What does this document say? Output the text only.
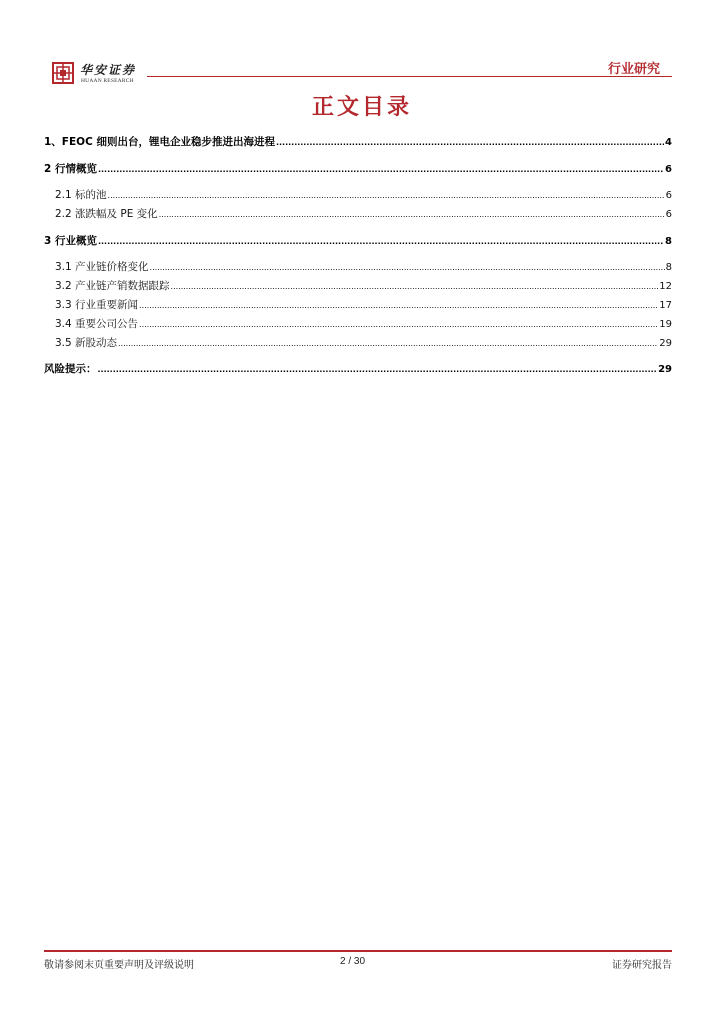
华安证券
HUAAN RESEARCH
行业研究
正文目录
1、FEOC 细则出台，锂电企业稳步推进出海进程 .....	4
2 行情概览 .....	6
2.1 标的池 .....	6
2.2 涨跌幅及 PE 变化 .....	6
3 行业概览 .....	8
3.1 产业链价格变化 .....	8
3.2 产业链产销数据跟踪 .....	12
3.3 行业重要新闻 .....	17
3.4 重要公司公告 .....	19
3.5 新股动态 .....	29
风险提示： .....	29
敬请参阅末页重要声明及评级说明	2 / 30	证券研究报告
